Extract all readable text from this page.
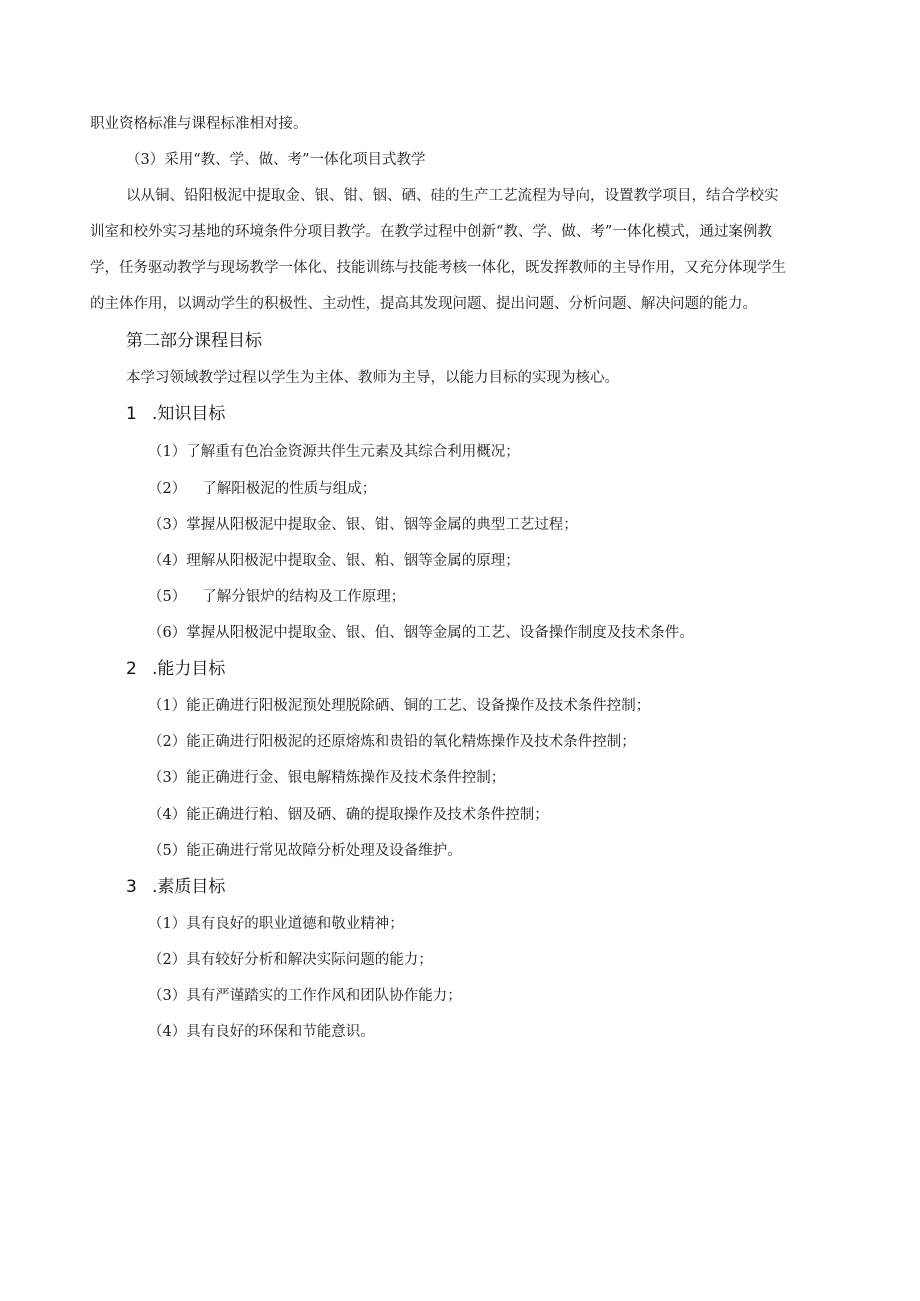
职业资格标准与课程标准相对接。
（3）采用“教、学、做、考”一体化项目式教学
以从铜、铅阳极泥中提取金、银、钳、铟、硒、硅的生产工艺流程为导向，设置教学项目，结合学校实
训室和校外实习基地的环境条件分项目教学。在教学过程中创新“教、学、做、考”一体化模式，通过案例教
学，任务驱动教学与现场教学一体化、技能训练与技能考核一体化，既发挥教师的主导作用，又充分体现学生
的主体作用，以调动学生的积极性、主动性，提高其发现问题、提出问题、分析问题、解决问题的能力。
第二部分课程目标
本学习领域教学过程以学生为主体、教师为主导，以能力目标的实现为核心。
1 .知识目标
（1）了解重有色冶金资源共伴生元素及其综合利用概况；
（2） 了解阳极泥的性质与组成；
（3）掌握从阳极泥中提取金、银、钳、铟等金属的典型工艺过程；
（4）理解从阳极泥中提取金、银、粕、铟等金属的原理；
（5） 了解分银炉的结构及工作原理；
（6）掌握从阳极泥中提取金、银、伯、铟等金属的工艺、设备操作制度及技术条件。
2 .能力目标
（1）能正确进行阳极泥预处理脱除硒、铜的工艺、设备操作及技术条件控制；
（2）能正确进行阳极泥的还原熔炼和贵铅的氧化精炼操作及技术条件控制；
（3）能正确进行金、银电解精炼操作及技术条件控制；
（4）能正确进行粕、铟及硒、确的提取操作及技术条件控制；
（5）能正确进行常见故障分析处理及设备维护。
3 .素质目标
（1）具有良好的职业道德和敬业精神；
（2）具有较好分析和解决实际问题的能力；
（3）具有严谨踏实的工作作风和团队协作能力；
（4）具有良好的环保和节能意识。
